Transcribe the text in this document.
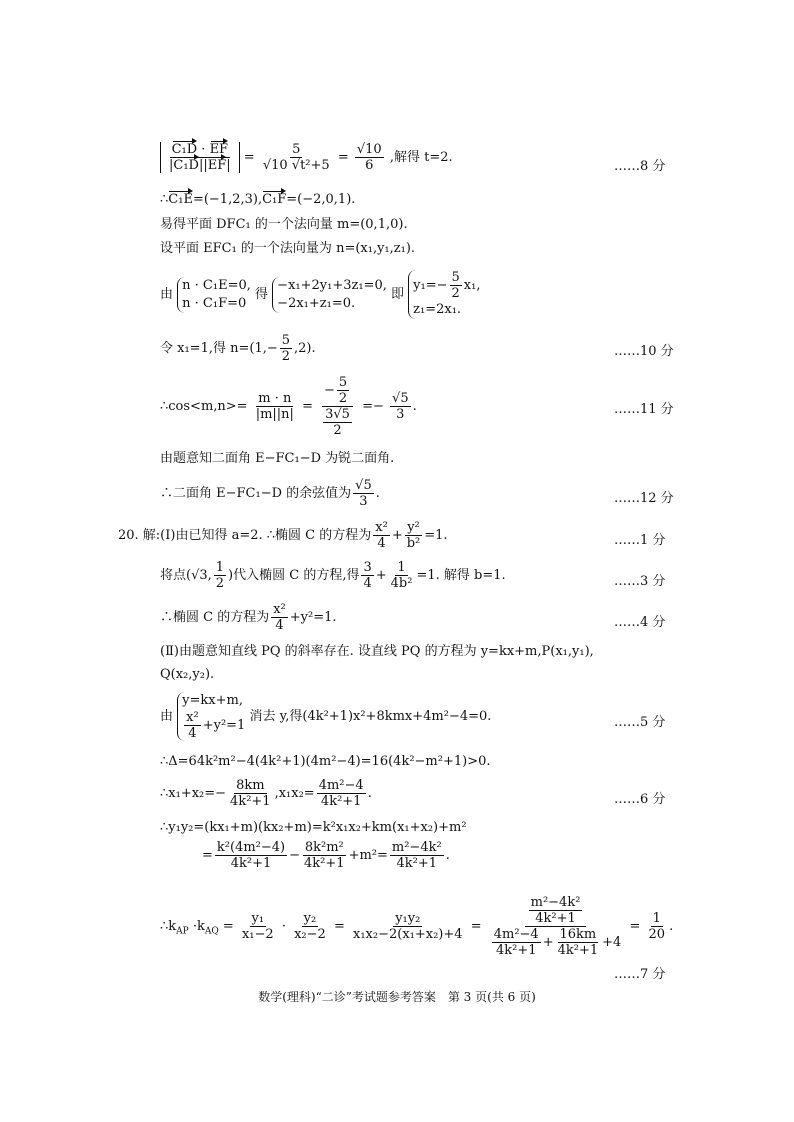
$\frac{\text{C₁D · EF}}{\text{|C₁D||EF|}} = \frac{5}{\text{√10 √t²+5}} = \frac{√10}{6}$ ,解得 t=2.
……8 分
∴C₁E=(−1,2,3),C₁F=(−2,0,1).
易得平面 DFC₁ 的一个法向量 m=(0,1,0).
设平面 EFC₁ 的一个法向量为 n=(x₁,y₁,z₁).
由 n · C₁E=0,
n · C₁F=0 得 −x₁+2y₁+3z₁=0,
−2x₁+z₁=0. 即 $y_1=- \frac{5}{2} x_1$,
z₁=2x₁.
令 x₁=1,得 $n=(1,- \frac{5}{2} ,2)$.	……10 分
∴cos<m,n>= $\frac{m \cdot n}{|m||n|} = \frac{- \frac{5}{2}}{\frac{3√5}{2}} =- \frac{√5}{3}$ .	……11 分
由题意知二面角 E−FC₁−D 为锐二面角.
∴二面角 E−FC₁−D 的余弦值为 $\frac{√5}{3}$ .	……12 分
20. 解:(Ⅰ)由已知得 a=2. ∴椭圆 C 的方程为 $\frac{\text{x²}}{4} + \frac{\text{y²}}{\text{b²}} =1$.	……1 分
将点(√3, $\frac{1}{2}$ )代入椭圆 C 的方程,得 $\frac{3}{4} + \frac{1}{\text{4b²}} =1$. 解得 b=1.	……3 分
∴椭圆 C 的方程为 $\frac{\text{x²}}{4} +y^2=1$.	……4 分
(Ⅱ)由题意知直线 PQ 的斜率存在. 设直线 PQ 的方程为 y=kx+m,P(x₁,y₁),
Q(x₂,y₂).
由 y=kx+m,

$\frac{\text{x²}}{4} +y^2=1$ 消去 y,得(4k²+1)x²+8kmx+4m²−4=0.	……5 分
∴Δ=64k²m²−4(4k²+1)(4m²−4)=16(4k²−m²+1)>0.
∴x₁+x₂=− $\frac{8km}{\text{4k²+1}} ,x_1x_2= \frac{\text{4m²−4}}{\text{4k²+1}}$ .	……6 分
∴y₁y₂=(kx₁+m)(kx₂+m)=k²x₁x₂+km(x₁+x₂)+m²
= $\frac{\text{k²(4m²−4)}}{\text{4k²+1}} - \frac{\text{8k²m²}}{\text{4k²+1}} +m^2= \frac{\text{m²−4k²}}{\text{4k²+1}}$ .
$\therefore k_{AP} \cdot k_{AQ} = \frac{\text{y₁}}{\text{x₁−2}} \cdot \frac{\text{y₂}}{\text{x₂−2}} = \frac{\text{y₁y₂}}{\text{x₁x₂−2(x₁+x₂)+4}} = \frac{\frac{\text{m²−4k²}}{\text{4k²+1}}}{\frac{\text{4m²−4}}{\text{4k²+1}} + \frac{16km}{\text{4k²+1}} +4} = \frac{1}{20}$ .
……7 分
数学(理科)“二诊”考试题参考答案　第 3 页(共 6 页)
